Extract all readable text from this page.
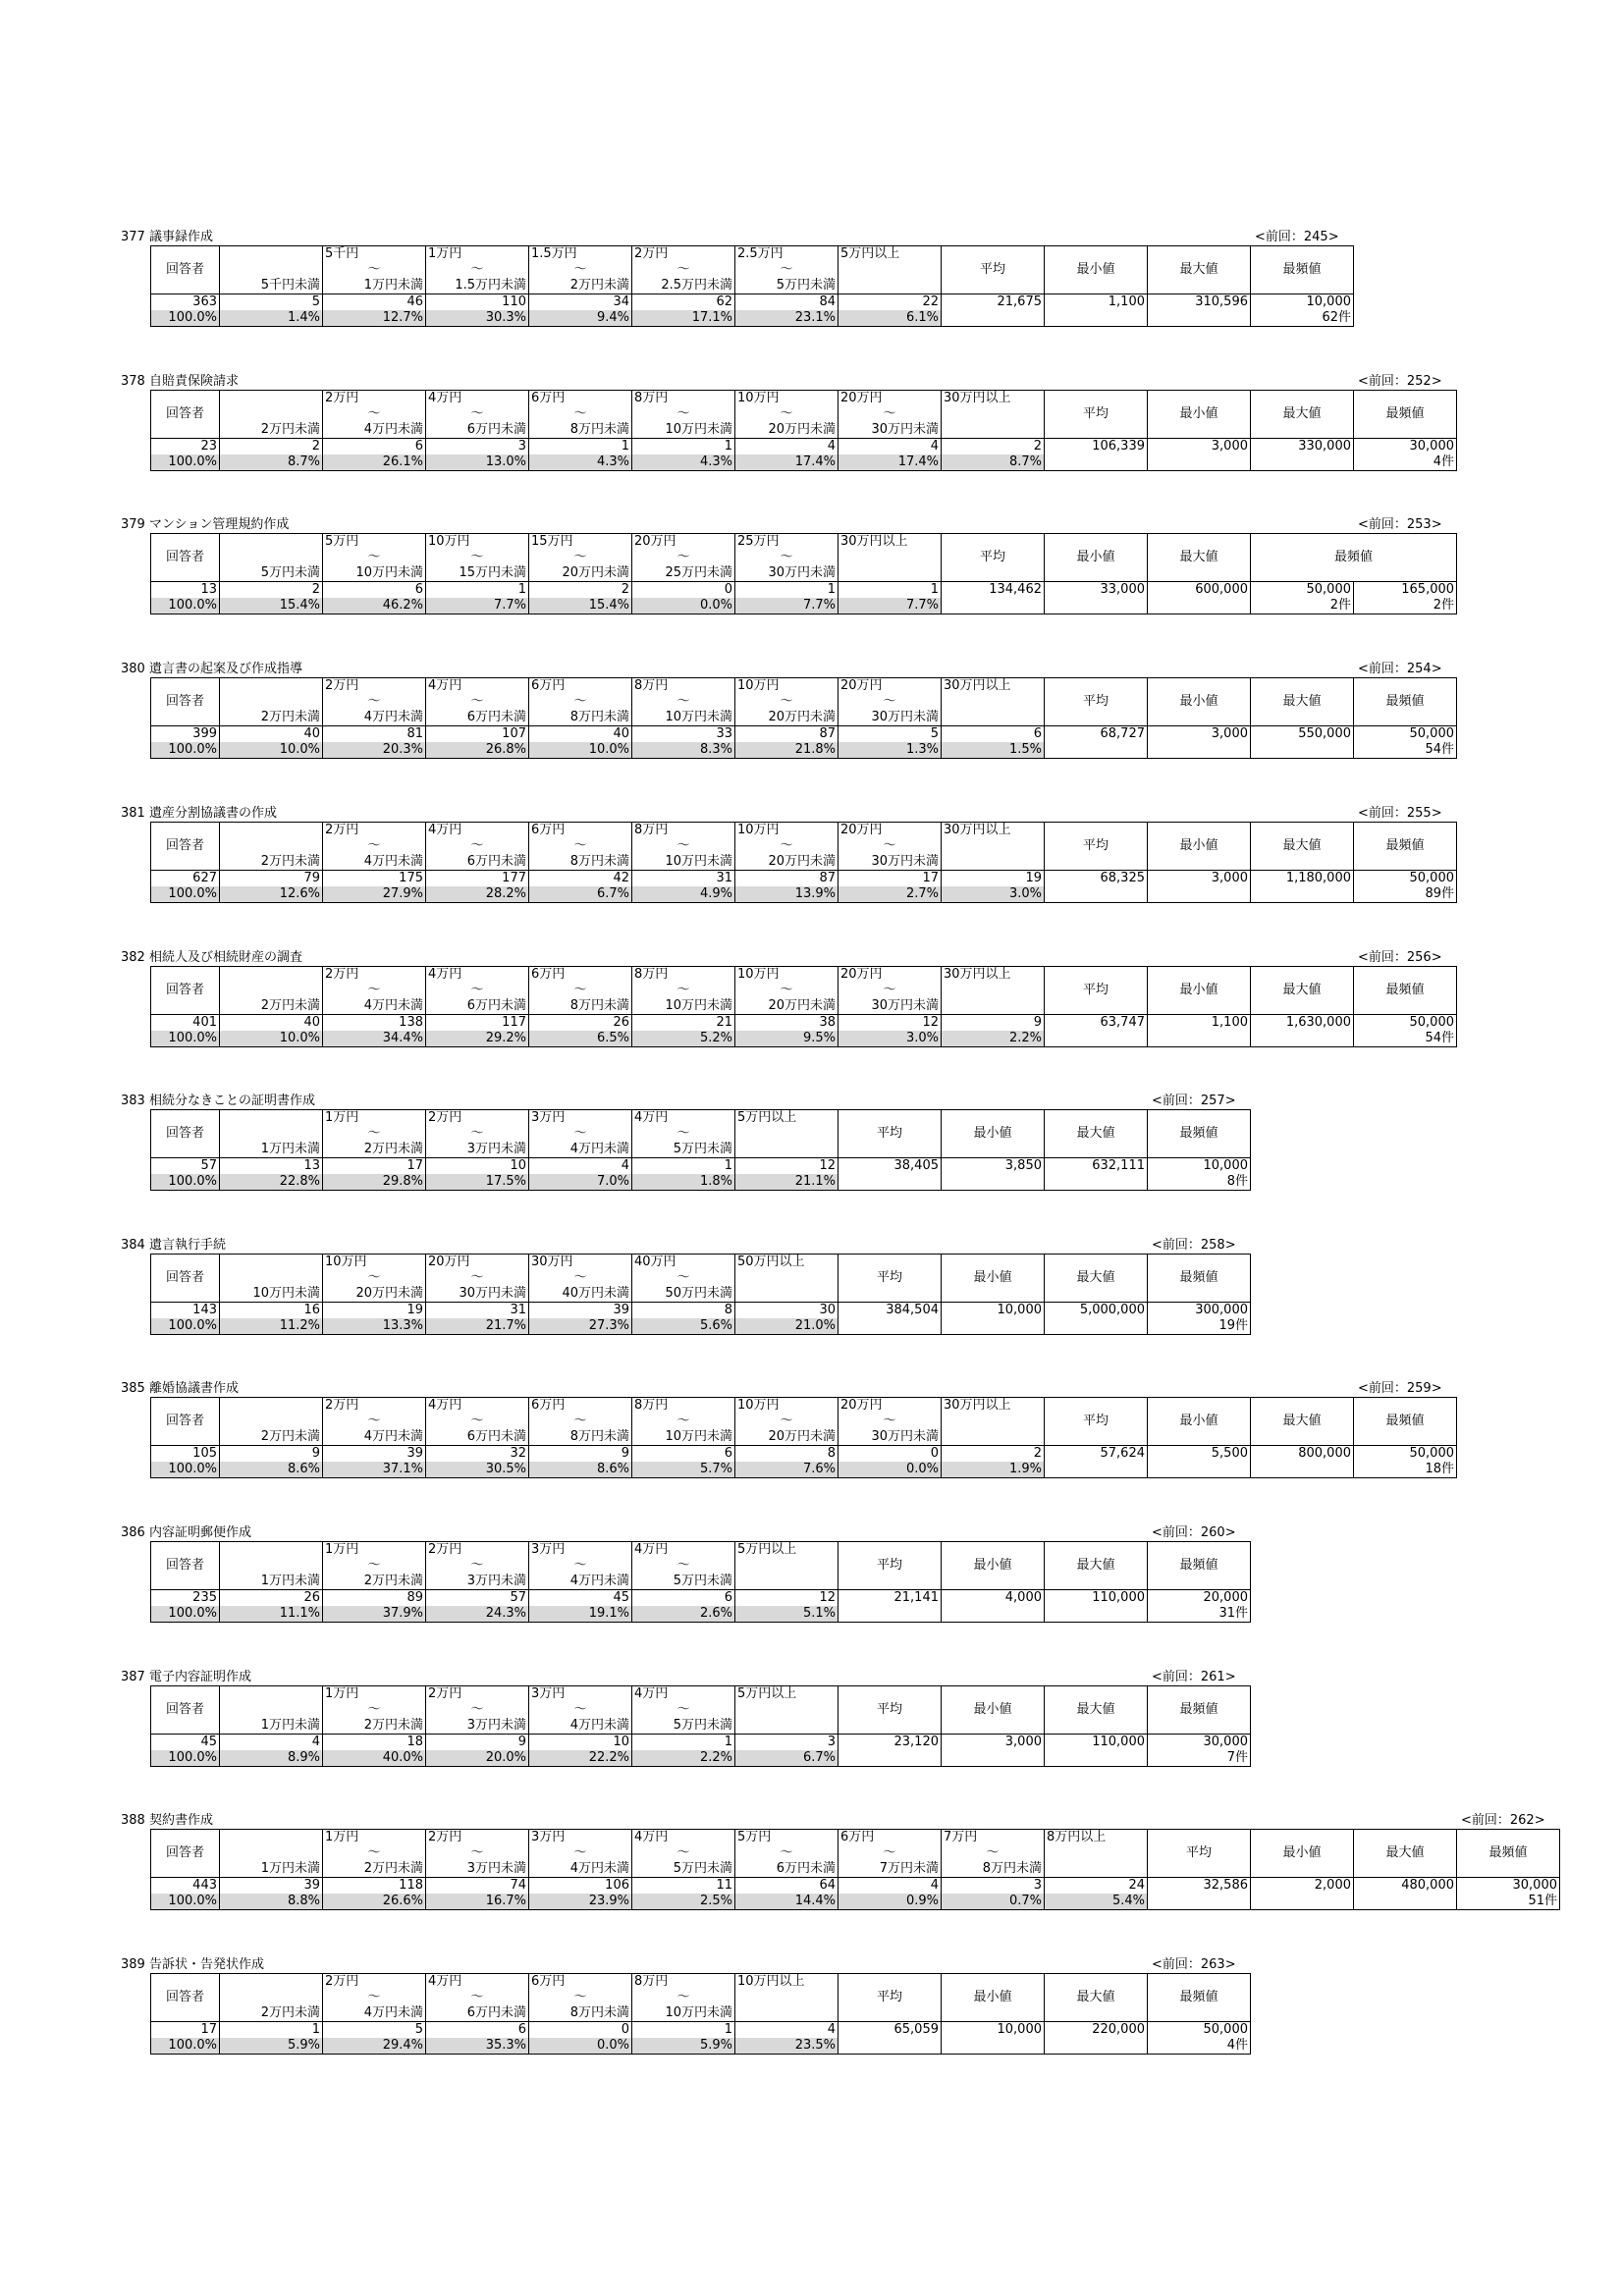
377 議事録作成	<前回：245>
回答者		5千円	1万円	1.5万円	2万円	2.5万円	5万円以上	平均	最小値	最大値	最頻値
		～	～	～	～	～					
	5千円未満	1万円未満	1.5万円未満	2万円未満	2.5万円未満	5万円未満					
363	5	46	110	34	62	84	22	21,675	1,100	310,596	10,000
100.0%	1.4%	12.7%	30.3%	9.4%	17.1%	23.1%	6.1%				62件
378 自賠責保険請求	<前回：252>
回答者		2万円	4万円	6万円	8万円	10万円	20万円	30万円以上	平均	最小値	最大値	最頻値
		～	～	～	～	～	～					
	2万円未満	4万円未満	6万円未満	8万円未満	10万円未満	20万円未満	30万円未満					
23	2	6	3	1	1	4	4	2	106,339	3,000	330,000	30,000
100.0%	8.7%	26.1%	13.0%	4.3%	4.3%	17.4%	17.4%	8.7%				4件
379 マンション管理規約作成	<前回：253>
回答者		5万円	10万円	15万円	20万円	25万円	30万円以上	平均	最小値	最大値	最頻値	
		～	～	～	～	～						
	5万円未満	10万円未満	15万円未満	20万円未満	25万円未満	30万円未満						
13	2	6	1	2	0	1	1	134,462	33,000	600,000	50,000	165,000
100.0%	15.4%	46.2%	7.7%	15.4%	0.0%	7.7%	7.7%				2件	2件
380 遺言書の起案及び作成指導	<前回：254>
回答者		2万円	4万円	6万円	8万円	10万円	20万円	30万円以上	平均	最小値	最大値	最頻値
		～	～	～	～	～	～					
	2万円未満	4万円未満	6万円未満	8万円未満	10万円未満	20万円未満	30万円未満					
399	40	81	107	40	33	87	5	6	68,727	3,000	550,000	50,000
100.0%	10.0%	20.3%	26.8%	10.0%	8.3%	21.8%	1.3%	1.5%				54件
381 遺産分割協議書の作成	<前回：255>
回答者		2万円	4万円	6万円	8万円	10万円	20万円	30万円以上	平均	最小値	最大値	最頻値
		～	～	～	～	～	～					
	2万円未満	4万円未満	6万円未満	8万円未満	10万円未満	20万円未満	30万円未満					
627	79	175	177	42	31	87	17	19	68,325	3,000	1,180,000	50,000
100.0%	12.6%	27.9%	28.2%	6.7%	4.9%	13.9%	2.7%	3.0%				89件
382 相続人及び相続財産の調査	<前回：256>
回答者		2万円	4万円	6万円	8万円	10万円	20万円	30万円以上	平均	最小値	最大値	最頻値
		～	～	～	～	～	～					
	2万円未満	4万円未満	6万円未満	8万円未満	10万円未満	20万円未満	30万円未満					
401	40	138	117	26	21	38	12	9	63,747	1,100	1,630,000	50,000
100.0%	10.0%	34.4%	29.2%	6.5%	5.2%	9.5%	3.0%	2.2%				54件
383 相続分なきことの証明書作成	<前回：257>
回答者		1万円	2万円	3万円	4万円	5万円以上	平均	最小値	最大値	最頻値
		～	～	～	～					
	1万円未満	2万円未満	3万円未満	4万円未満	5万円未満					
57	13	17	10	4	1	12	38,405	3,850	632,111	10,000
100.0%	22.8%	29.8%	17.5%	7.0%	1.8%	21.1%				8件
384 遺言執行手続	<前回：258>
回答者		10万円	20万円	30万円	40万円	50万円以上	平均	最小値	最大値	最頻値
		～	～	～	～					
	10万円未満	20万円未満	30万円未満	40万円未満	50万円未満					
143	16	19	31	39	8	30	384,504	10,000	5,000,000	300,000
100.0%	11.2%	13.3%	21.7%	27.3%	5.6%	21.0%				19件
385 離婚協議書作成	<前回：259>
回答者		2万円	4万円	6万円	8万円	10万円	20万円	30万円以上	平均	最小値	最大値	最頻値
		～	～	～	～	～	～					
	2万円未満	4万円未満	6万円未満	8万円未満	10万円未満	20万円未満	30万円未満					
105	9	39	32	9	6	8	0	2	57,624	5,500	800,000	50,000
100.0%	8.6%	37.1%	30.5%	8.6%	5.7%	7.6%	0.0%	1.9%				18件
386 内容証明郵便作成	<前回：260>
回答者		1万円	2万円	3万円	4万円	5万円以上	平均	最小値	最大値	最頻値
		～	～	～	～					
	1万円未満	2万円未満	3万円未満	4万円未満	5万円未満					
235	26	89	57	45	6	12	21,141	4,000	110,000	20,000
100.0%	11.1%	37.9%	24.3%	19.1%	2.6%	5.1%				31件
387 電子内容証明作成	<前回：261>
回答者		1万円	2万円	3万円	4万円	5万円以上	平均	最小値	最大値	最頻値
		～	～	～	～					
	1万円未満	2万円未満	3万円未満	4万円未満	5万円未満					
45	4	18	9	10	1	3	23,120	3,000	110,000	30,000
100.0%	8.9%	40.0%	20.0%	22.2%	2.2%	6.7%				7件
388 契約書作成	<前回：262>
回答者		1万円	2万円	3万円	4万円	5万円	6万円	7万円	8万円以上	平均	最小値	最大値	最頻値
		～	～	～	～	～	～	～					
	1万円未満	2万円未満	3万円未満	4万円未満	5万円未満	6万円未満	7万円未満	8万円未満					
443	39	118	74	106	11	64	4	3	24	32,586	2,000	480,000	30,000
100.0%	8.8%	26.6%	16.7%	23.9%	2.5%	14.4%	0.9%	0.7%	5.4%				51件
389 告訴状・告発状作成	<前回：263>
回答者		2万円	4万円	6万円	8万円	10万円以上	平均	最小値	最大値	最頻値
		～	～	～	～					
	2万円未満	4万円未満	6万円未満	8万円未満	10万円未満					
17	1	5	6	0	1	4	65,059	10,000	220,000	50,000
100.0%	5.9%	29.4%	35.3%	0.0%	5.9%	23.5%				4件
